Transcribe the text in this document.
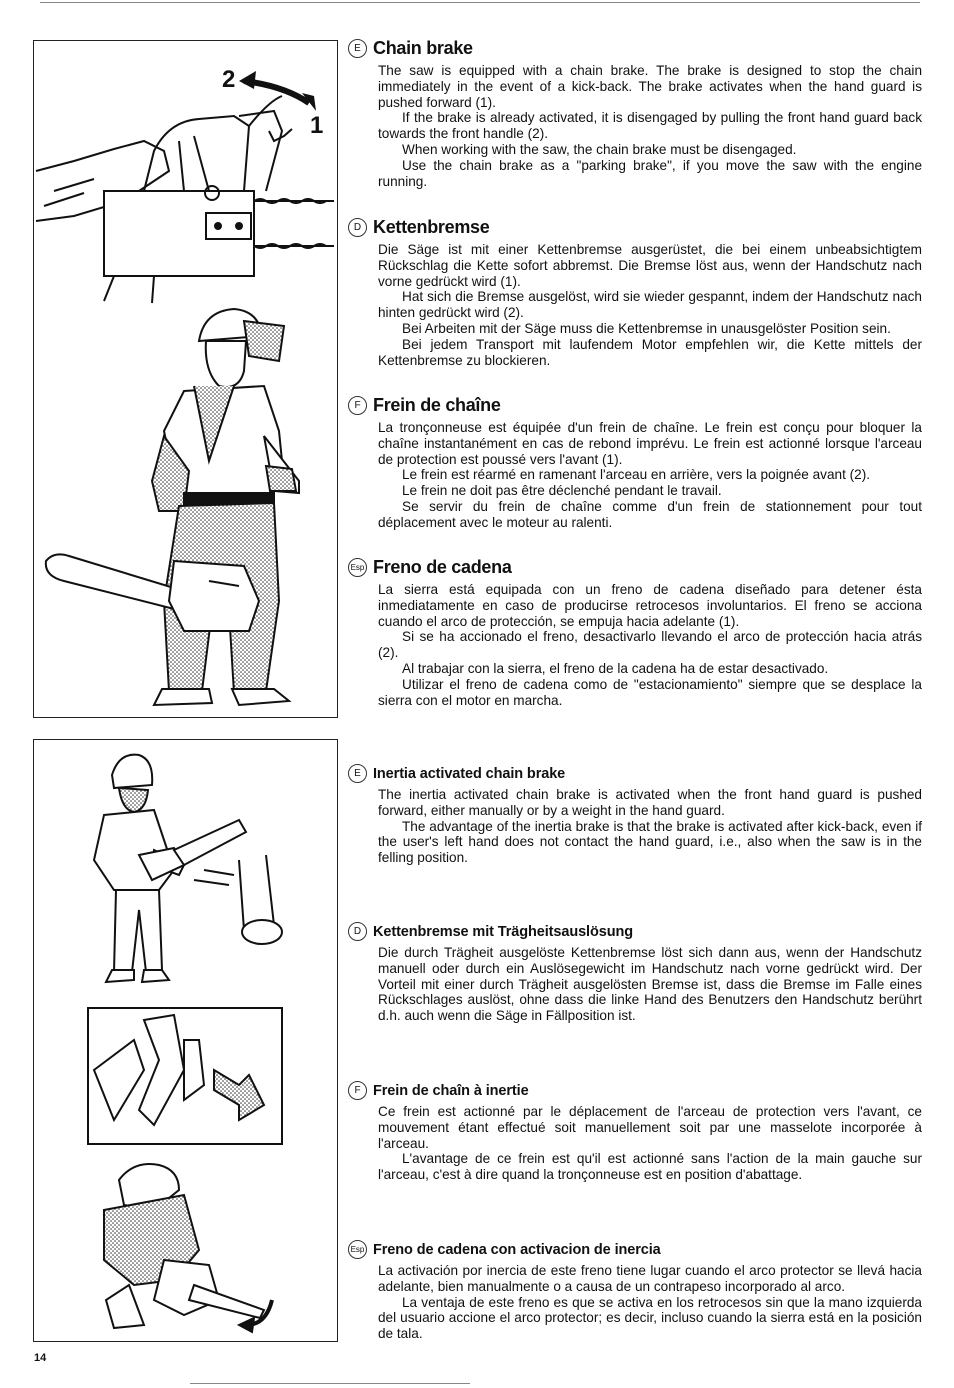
2
1
E Chain brake

The saw is equipped with a chain brake. The brake is designed to stop the chain immediately in the event of a kick-back. The brake activates when the hand guard is pushed forward (1).

If the brake is already activated, it is disengaged by pulling the front hand guard back towards the front handle (2).

When working with the saw, the chain brake must be disengaged.

Use the chain brake as a "parking brake", if you move the saw with the engine running.

D Kettenbremse

Die Säge ist mit einer Kettenbremse ausgerüstet, die bei einem unbeabsichtigtem Rückschlag die Kette sofort abbremst. Die Bremse löst aus, wenn der Handschutz nach vorne gedrückt wird (1).

Hat sich die Bremse ausgelöst, wird sie wieder gespannt, indem der Handschutz nach hinten gedrückt wird (2).

Bei Arbeiten mit der Säge muss die Kettenbremse in unausgelöster Position sein.

Bei jedem Transport mit laufendem Motor empfehlen wir, die Kette mittels der Kettenbremse zu blockieren.

F Frein de chaîne

La tronçonneuse est équipée d'un frein de chaîne. Le frein est conçu pour bloquer la chaîne instantanément en cas de rebond imprévu. Le frein est actionné lorsque l'arceau de protection est poussé vers l'avant (1).

Le frein est réarmé en ramenant l'arceau en arrière, vers la poignée avant (2).

Le frein ne doit pas être déclenché pendant le travail.

Se servir du frein de chaîne comme d'un frein de stationnement pour tout déplacement avec le moteur au ralenti.

Esp Freno de cadena

La sierra está equipada con un freno de cadena diseñado para detener ésta inmediatamente en caso de producirse retrocesos involuntarios. El freno se acciona cuando el arco de protección, se empuja hacia adelante (1).

Si se ha accionado el freno, desactivarlo llevando el arco de protección hacia atrás (2).

Al trabajar con la sierra, el freno de la cadena ha de estar desactivado.

Utilizar el freno de cadena como de "estacionamiento" siempre que se desplace la sierra con el motor en marcha.

E Inertia activated chain brake

The inertia activated chain brake is activated when the front hand guard is pushed forward, either manually or by a weight in the hand guard.

The advantage of the inertia brake is that the brake is activated after kick-back, even if the user's left hand does not contact the hand guard, i.e., also when the saw is in the felling position.

D Kettenbremse mit Trägheitsauslösung

Die durch Trägheit ausgelöste Kettenbremse löst sich dann aus, wenn der Handschutz manuell oder durch ein Auslösegewicht im Handschutz nach vorne gedrückt wird. Der Vorteil mit einer durch Trägheit ausgelösten Bremse ist, dass die Bremse im Falle eines Rückschlages auslöst, ohne dass die linke Hand des Benutzers den Handschutz berührt d.h. auch wenn die Säge in Fällposition ist.

F Frein de chaîn à inertie

Ce frein est actionné par le déplacement de l'arceau de protection vers l'avant, ce mouvement étant effectué soit manuellement soit par une masselote incorporée à l'arceau.

L'avantage de ce frein est qu'il est actionné sans l'action de la main gauche sur l'arceau, c'est à dire quand la tronçonneuse est en position d'abattage.

Esp Freno de cadena con activacion de inercia

La activación por inercia de este freno tiene lugar cuando el arco protector se llevá hacia adelante, bien manualmente o a causa de un contrapeso incorporado al arco.

La ventaja de este freno es que se activa en los retrocesos sin que la mano izquierda del usuario accione el arco protector; es decir, incluso cuando la sierra está en la posición de tala.

14
